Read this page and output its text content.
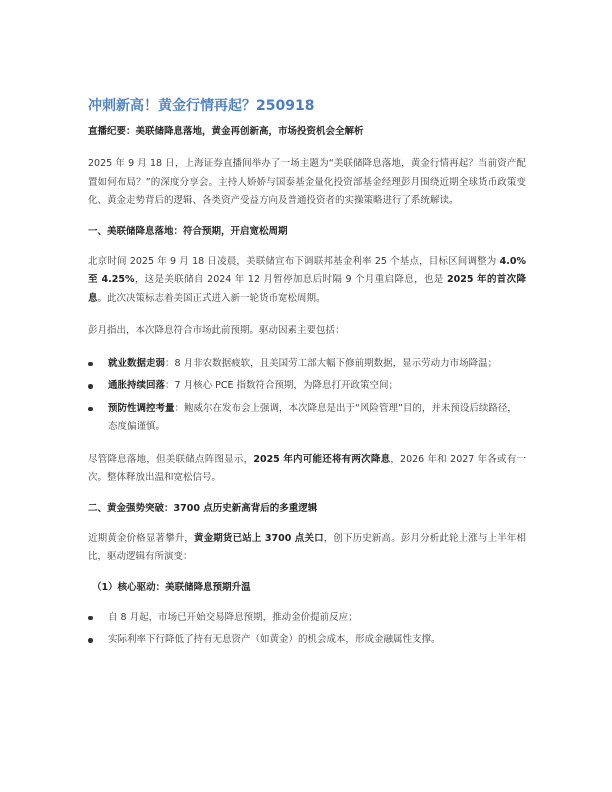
冲刺新高！黄金行情再起？250918
直播纪要：美联储降息落地，黄金再创新高，市场投资机会全解析

2025 年 9 月 18 日，上海证券直播间举办了一场主题为“美联储降息落地，黄金行情再起？当前资产配置如何布局？”的深度分享会。主持人娇娇与国泰基金量化投资部基金经理彭月围绕近期全球货币政策变化、黄金走势背后的逻辑、各类资产受益方向及普通投资者的实操策略进行了系统解读。

一、美联储降息落地：符合预期，开启宽松周期

北京时间 2025 年 9 月 18 日凌晨，美联储宣布下调联邦基金利率 25 个基点，目标区间调整为 4.0%至 4.25%，这是美联储自 2024 年 12 月暂停加息后时隔 9 个月重启降息，也是 2025 年的首次降息。此次决策标志着美国正式进入新一轮货币宽松周期。

彭月指出，本次降息符合市场此前预期。驱动因素主要包括：

就业数据走弱：8 月非农数据疲软，且美国劳工部大幅下修前期数据，显示劳动力市场降温；
通胀持续回落：7 月核心 PCE 指数符合预期，为降息打开政策空间；
预防性调控考量：鲍威尔在发布会上强调，本次降息是出于“风险管理”目的，并未预设后续路径，态度偏谨慎。

尽管降息落地，但美联储点阵图显示，2025 年内可能还将有两次降息，2026 年和 2027 年各或有一次。整体释放出温和宽松信号。

二、黄金强势突破：3700 点历史新高背后的多重逻辑

近期黄金价格显著攀升，黄金期货已站上 3700 点关口，创下历史新高。彭月分析此轮上涨与上半年相比，驱动逻辑有所演变：

（1）核心驱动：美联储降息预期升温
自 8 月起，市场已开始交易降息预期，推动金价提前反应；
实际利率下行降低了持有无息资产（如黄金）的机会成本，形成金融属性支撑。
